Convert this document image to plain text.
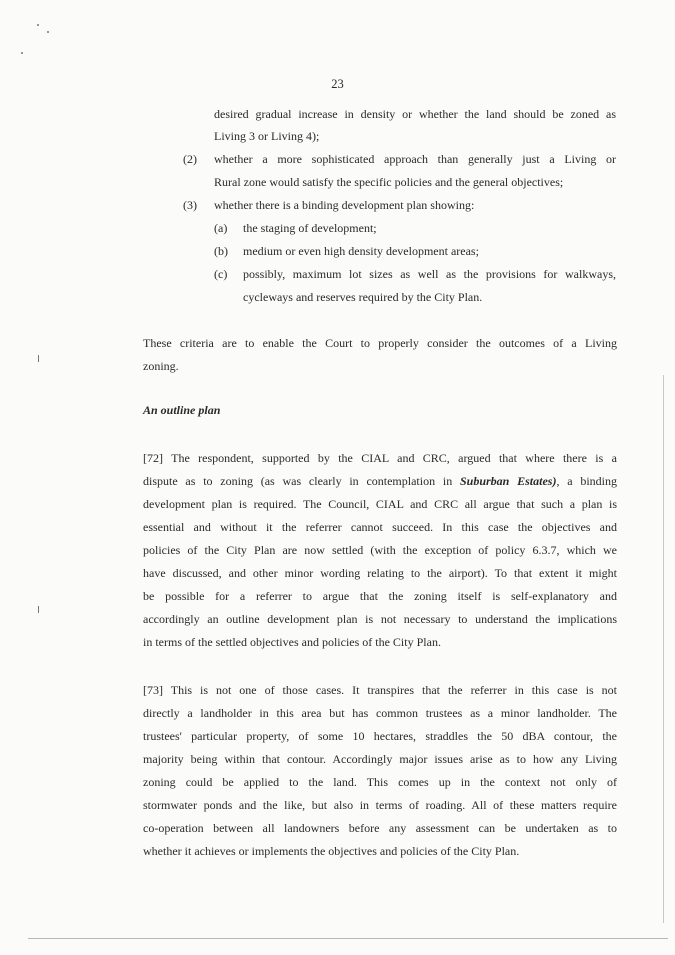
23
desired gradual increase in density or whether the land should be zoned as
Living 3 or Living 4);
(2) whether a more sophisticated approach than generally just a Living or
Rural zone would satisfy the specific policies and the general objectives;
(3) whether there is a binding development plan showing:
(a) the staging of development;
(b) medium or even high density development areas;
(c) possibly, maximum lot sizes as well as the provisions for walkways,
cycleways and reserves required by the City Plan.
These criteria are to enable the Court to properly consider the outcomes of a Living
zoning.
An outline plan
[72] The respondent, supported by the CIAL and CRC, argued that where there is a
dispute as to zoning (as was clearly in contemplation in Suburban Estates), a binding
development plan is required. The Council, CIAL and CRC all argue that such a plan is
essential and without it the referrer cannot succeed. In this case the objectives and
policies of the City Plan are now settled (with the exception of policy 6.3.7, which we
have discussed, and other minor wording relating to the airport). To that extent it might
be possible for a referrer to argue that the zoning itself is self-explanatory and
accordingly an outline development plan is not necessary to understand the implications
in terms of the settled objectives and policies of the City Plan.
[73] This is not one of those cases. It transpires that the referrer in this case is not
directly a landholder in this area but has common trustees as a minor landholder. The
trustees' particular property, of some 10 hectares, straddles the 50 dBA contour, the
majority being within that contour. Accordingly major issues arise as to how any Living
zoning could be applied to the land. This comes up in the context not only of
stormwater ponds and the like, but also in terms of roading. All of these matters require
co-operation between all landowners before any assessment can be undertaken as to
whether it achieves or implements the objectives and policies of the City Plan.
